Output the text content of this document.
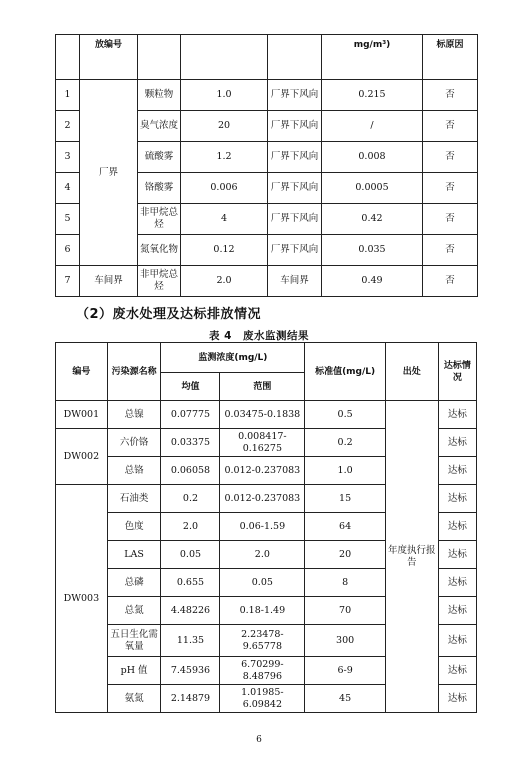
	放编号				mg/m³)	标原因
1	厂界	颗粒物	1.0	厂界下风向	0.215	否
2		臭气浓度	20	厂界下风向	/	否
3		硫酸雾	1.2	厂界下风向	0.008	否
4		铬酸雾	0.006	厂界下风向	0.0005	否
5		非甲烷总烃	4	厂界下风向	0.42	否
6		氮氧化物	0.12	厂界下风向	0.035	否
7	车间界	非甲烷总烃	2.0	车间界	0.49	否
（2）废水处理及达标排放情况
表 4　废水监测结果
编号	污染源名称	监测浓度(mg/L)		标准值(mg/L)	出处	达标情况
		均值	范围			
DW001	总镍	0.07775	0.03475-0.1838	0.5	年度执行报告	达标
DW002	六价铬	0.03375	0.008417-0.16275	0.2		达标
	总铬	0.06058	0.012-0.237083	1.0		达标
DW003	石油类	0.2	0.012-0.237083	15		达标
	色度	2.0	0.06-1.59	64		达标
	LAS	0.05	2.0	20		达标
	总磷	0.655	0.05	8		达标
	总氮	4.48226	0.18-1.49	70		达标
	五日生化需氧量	11.35	2.23478-9.65778	300		达标
	pH 值	7.45936	6.70299-8.48796	6-9		达标
	氨氮	2.14879	1.01985-6.09842	45		达标
6
